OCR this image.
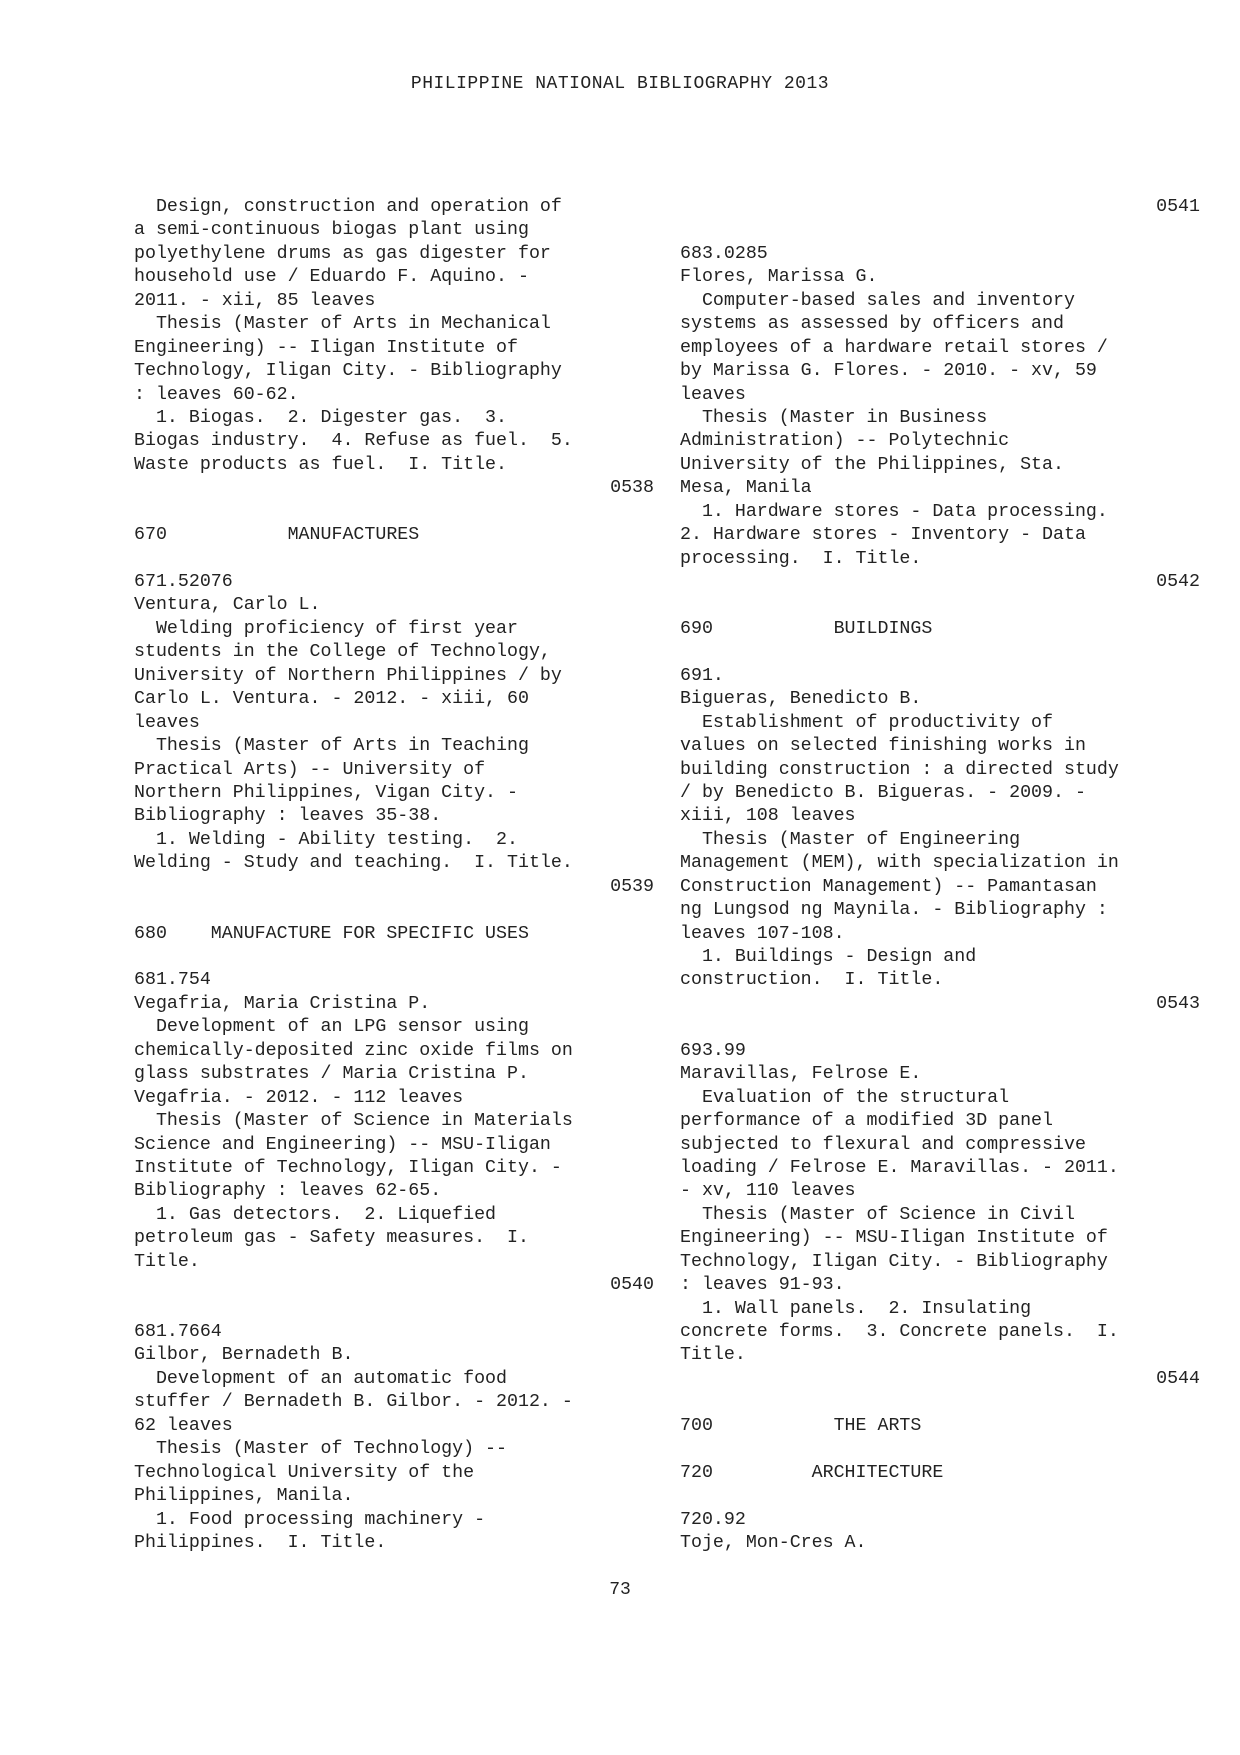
PHILIPPINE NATIONAL BIBLIOGRAPHY 2013
Design, construction and operation of
a semi-continuous biogas plant using
polyethylene drums as gas digester for
household use / Eduardo F. Aquino. -
2011. - xii, 85 leaves
Thesis (Master of Arts in Mechanical
Engineering) -- Iligan Institute of
Technology, Iligan City. - Bibliography
: leaves 60-62.
1. Biogas.  2. Digester gas.  3.
Biogas industry.  4. Refuse as fuel.  5.
Waste products as fuel.  I. Title.
0538
670           MANUFACTURES
671.52076
Ventura, Carlo L.
Welding proficiency of first year
students in the College of Technology,
University of Northern Philippines / by
Carlo L. Ventura. - 2012. - xiii, 60
leaves
Thesis (Master of Arts in Teaching
Practical Arts) -- University of
Northern Philippines, Vigan City. -
Bibliography : leaves 35-38.
1. Welding - Ability testing.  2.
Welding - Study and teaching.  I. Title.
0539
680    MANUFACTURE FOR SPECIFIC USES
681.754
Vegafria, Maria Cristina P.
Development of an LPG sensor using
chemically-deposited zinc oxide films on
glass substrates / Maria Cristina P.
Vegafria. - 2012. - 112 leaves
Thesis (Master of Science in Materials
Science and Engineering) -- MSU-Iligan
Institute of Technology, Iligan City. -
Bibliography : leaves 62-65.
1. Gas detectors.  2. Liquefied
petroleum gas - Safety measures.  I.
Title.
0540
681.7664
Gilbor, Bernadeth B.
Development of an automatic food
stuffer / Bernadeth B. Gilbor. - 2012. -
62 leaves
Thesis (Master of Technology) --
Technological University of the
Philippines, Manila.
1. Food processing machinery -
Philippines.  I. Title.
0541
683.0285
Flores, Marissa G.
Computer-based sales and inventory
systems as assessed by officers and
employees of a hardware retail stores /
by Marissa G. Flores. - 2010. - xv, 59
leaves
Thesis (Master in Business
Administration) -- Polytechnic
University of the Philippines, Sta.
Mesa, Manila
1. Hardware stores - Data processing.
2. Hardware stores - Inventory - Data
processing.  I. Title.
0542
690           BUILDINGS
691.
Bigueras, Benedicto B.
Establishment of productivity of
values on selected finishing works in
building construction : a directed study
/ by Benedicto B. Bigueras. - 2009. -
xiii, 108 leaves
Thesis (Master of Engineering
Management (MEM), with specialization in
Construction Management) -- Pamantasan
ng Lungsod ng Maynila. - Bibliography :
leaves 107-108.
1. Buildings - Design and
construction.  I. Title.
0543
693.99
Maravillas, Felrose E.
Evaluation of the structural
performance of a modified 3D panel
subjected to flexural and compressive
loading / Felrose E. Maravillas. - 2011.
- xv, 110 leaves
Thesis (Master of Science in Civil
Engineering) -- MSU-Iligan Institute of
Technology, Iligan City. - Bibliography
: leaves 91-93.
1. Wall panels.  2. Insulating
concrete forms.  3. Concrete panels.  I.
Title.
0544
700           THE ARTS
720         ARCHITECTURE
720.92
Toje, Mon-Cres A.
73
